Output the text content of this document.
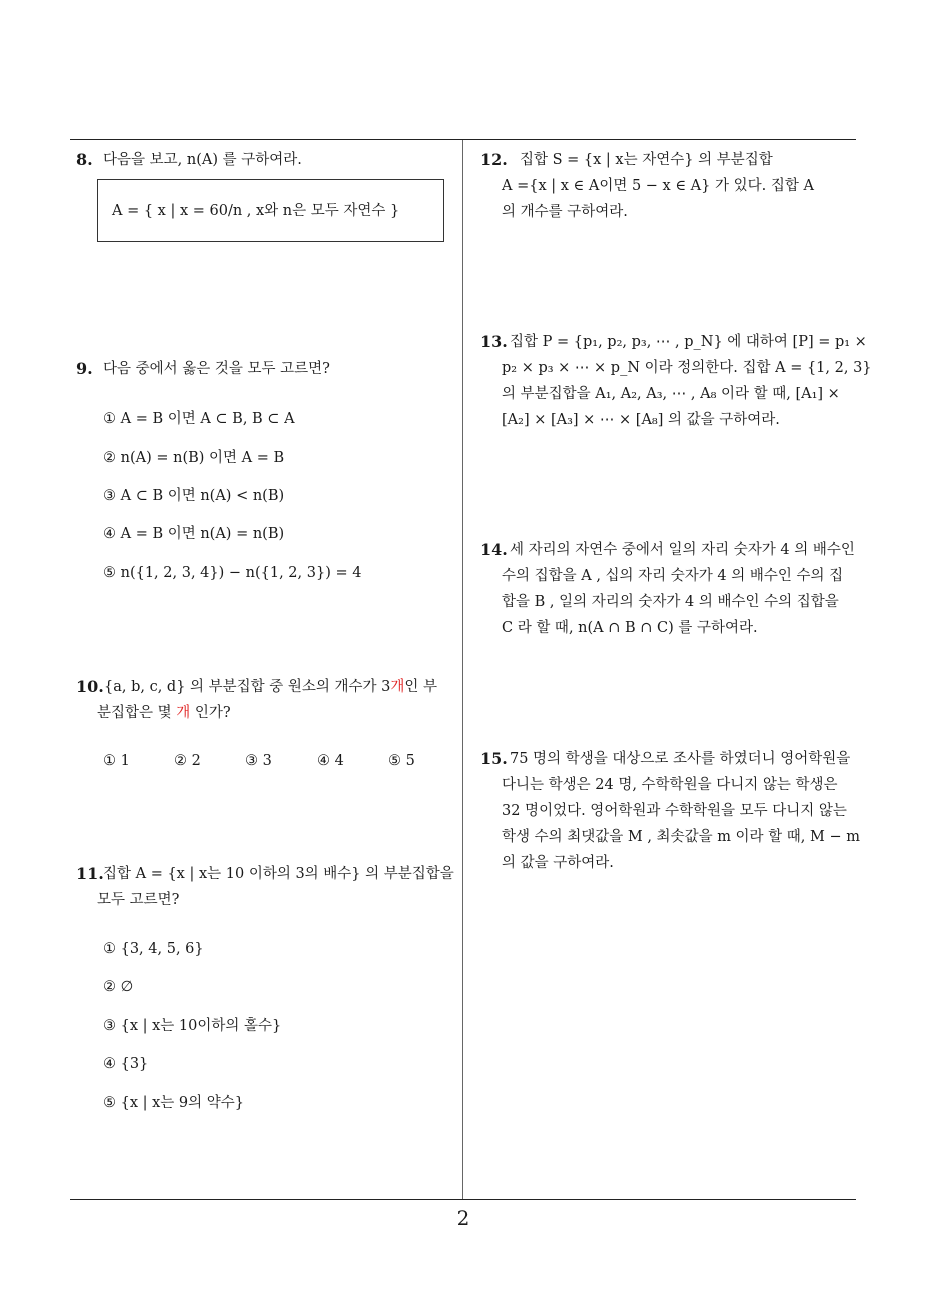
8. 다음을 보고, n(A) 를 구하여라.
A = { x | x = 60/n , x와 n은 모두 자연수 }
9. 다음 중에서 옳은 것을 모두 고르면?
① A = B 이면 A ⊂ B, B ⊂ A
② n(A) = n(B) 이면 A = B
③ A ⊂ B 이면 n(A) < n(B)
④ A = B 이면 n(A) = n(B)
⑤ n({1, 2, 3, 4}) − n({1, 2, 3}) = 4
10. {a, b, c, d} 의 부분집합 중 원소의 개수가 3개인 부
분집합은 몇 개 인가?
① 1	② 2	③ 3	④ 4	⑤ 5
11. 집합 A = {x | x는 10 이하의 3의 배수} 의 부분집합을
모두 고르면?
① {3, 4, 5, 6}
② ∅
③ {x | x는 10이하의 홀수}
④ {3}
⑤ {x | x는 9의 약수}
12. 집합 S = {x | x는 자연수} 의 부분집합
A ={x | x ∈ A이면 5 − x ∈ A} 가 있다. 집합 A
의 개수를 구하여라.
13. 집합 P = {p₁, p₂, p₃, ⋯ , p_N} 에 대하여 [P] = p₁ ×
p₂ × p₃ × ⋯ × p_N 이라 정의한다. 집합 A = {1, 2, 3}
의 부분집합을 A₁, A₂, A₃, ⋯ , A₈ 이라 할 때, [A₁] ×
[A₂] × [A₃] × ⋯ × [A₈] 의 값을 구하여라.
14. 세 자리의 자연수 중에서 일의 자리 숫자가 4 의 배수인
수의 집합을 A , 십의 자리 숫자가 4 의 배수인 수의 집
합을 B , 일의 자리의 숫자가 4 의 배수인 수의 집합을
C 라 할 때, n(A ∩ B ∩ C) 를 구하여라.
15. 75 명의 학생을 대상으로 조사를 하였더니 영어학원을
다니는 학생은 24 명, 수학학원을 다니지 않는 학생은
32 명이었다. 영어학원과 수학학원을 모두 다니지 않는
학생 수의 최댓값을 M , 최솟값을 m 이라 할 때, M − m
의 값을 구하여라.
2
